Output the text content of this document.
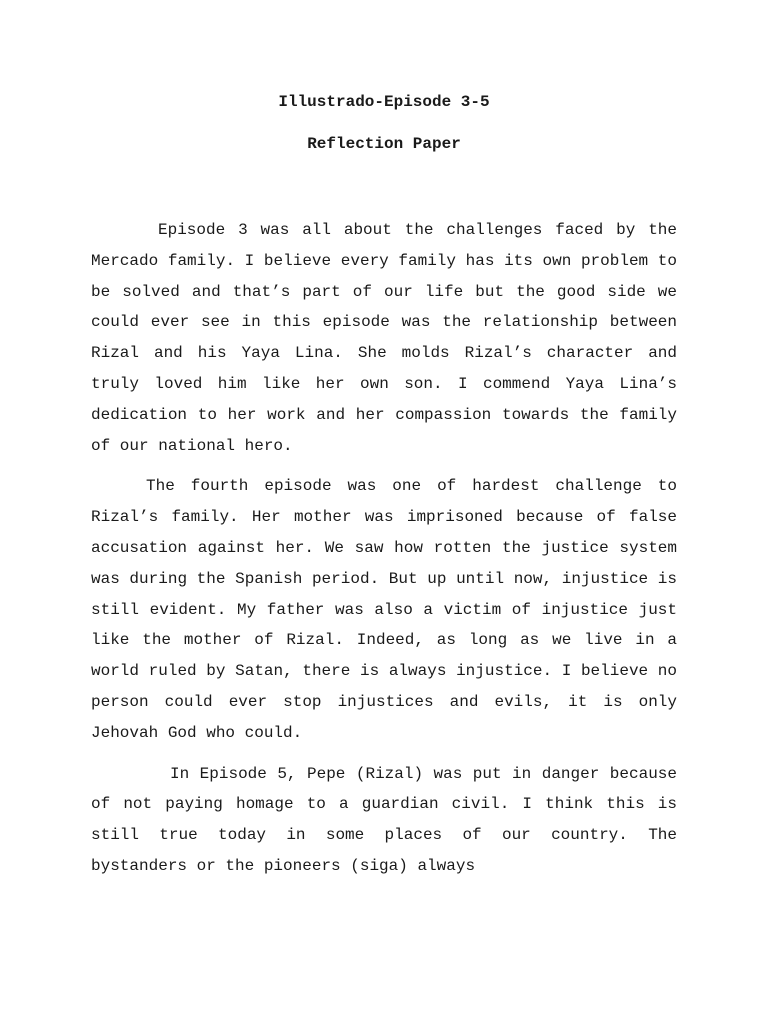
Illustrado-Episode 3-5
Reflection Paper

Episode 3 was all about the challenges faced by the Mercado family. I believe every family has its own problem to be solved and that’s part of our life but the good side we could ever see in this episode was the relationship between Rizal and his Yaya Lina. She molds Rizal’s character and truly loved him like her own son. I commend Yaya Lina’s dedication to her work and her compassion towards the family of our national hero.

The fourth episode was one of hardest challenge to Rizal’s family. Her mother was imprisoned because of false accusation against her. We saw how rotten the justice system was during the Spanish period. But up until now, injustice is still evident. My father was also a victim of injustice just like the mother of Rizal. Indeed, as long as we live in a world ruled by Satan, there is always injustice. I believe no person could ever stop injustices and evils, it is only Jehovah God who could.

In Episode 5, Pepe (Rizal) was put in danger because of not paying homage to a guardian civil. I think this is still true today in some places of our country. The bystanders or the pioneers (siga) always
